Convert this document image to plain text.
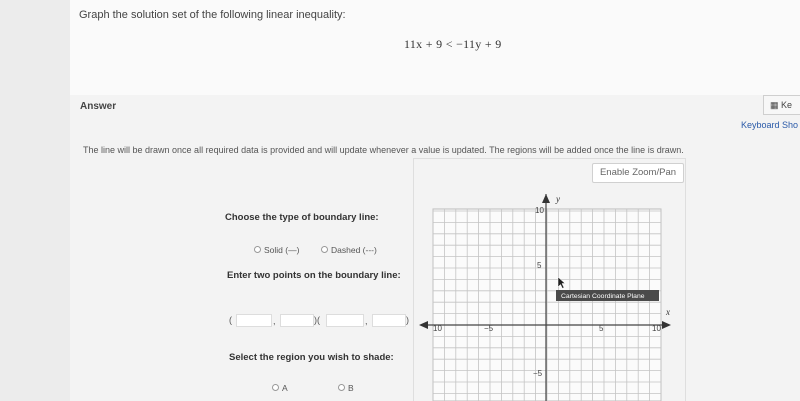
Graph the solution set of the following linear inequality:
11x + 9 < −11y + 9
Answer	▦ Ke
Keyboard Sho
The line will be drawn once all required data is provided and will update whenever a value is updated. The regions will be added once the line is drawn.
Enable Zoom/Pan
Choose the type of boundary line:
Solid (—)	Dashed (---)
Enter two points on the boundary line:
(	,	)(	,	)
Select the region you wish to shade:
A	B
x
y
10	−5	5	10
10
5
−5
Cartesian Coordinate Plane
